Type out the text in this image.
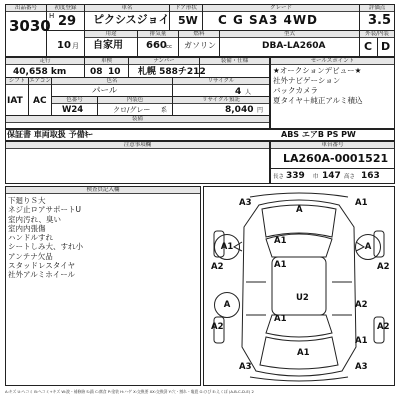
出品番号	初度登録	車名	ドア形状	グレード	評価点
3030
H 29 ピクシスジョイ 5W C G SA3 4WD	3.5
用途	排気量	燃料	型式	外装/内装
10 月 自家用 660 cc ガソリン	DBA-LA260A	C D
走行	車検	ナンバー	装備・仕様
40,658 km	08 10 札幌 588チ212
シフト エアコン	色名	リサイクル
IAT AC
パール	4 人
色番号	内装色	リサイクル預託
W24	クロ/グレー 系	8,040 円
装備
保証書 車両取扱 予備ｷｰ
セールスポイント
★オークションデビュー★
社外ナビゲーション
バックカメラ
夏タイヤ＋純正アルミ積込
ABS エアB PS PW
注意事項欄	車台番号
LA260A-0001521
長さ 339 巾 147 高さ 163
検査員記入欄
下廻りＳ大
ネジ止ロアサポートU
室内汚れ、臭い
室内内張傷
ハンドルすれ
シートしみ大、すれ小
アンテナ欠品
スタッドレスタイヤ
社外アルミホイール
A3	A1
A
A1
A2
A1
A2
A
A1
U2
A
A2
A1
A3
A1
A2
A3
A1
A2
A:キズ U:ヘコミ B:ヘコミ+キズ W:波・補修跡 S:錆 C:腐食 P:塗装 H:ハゲ X:交換要 XX:交換済 Y:穴・割れ・亀裂 G:ひび E:えくぼ (A-B-C-D-E) 2
